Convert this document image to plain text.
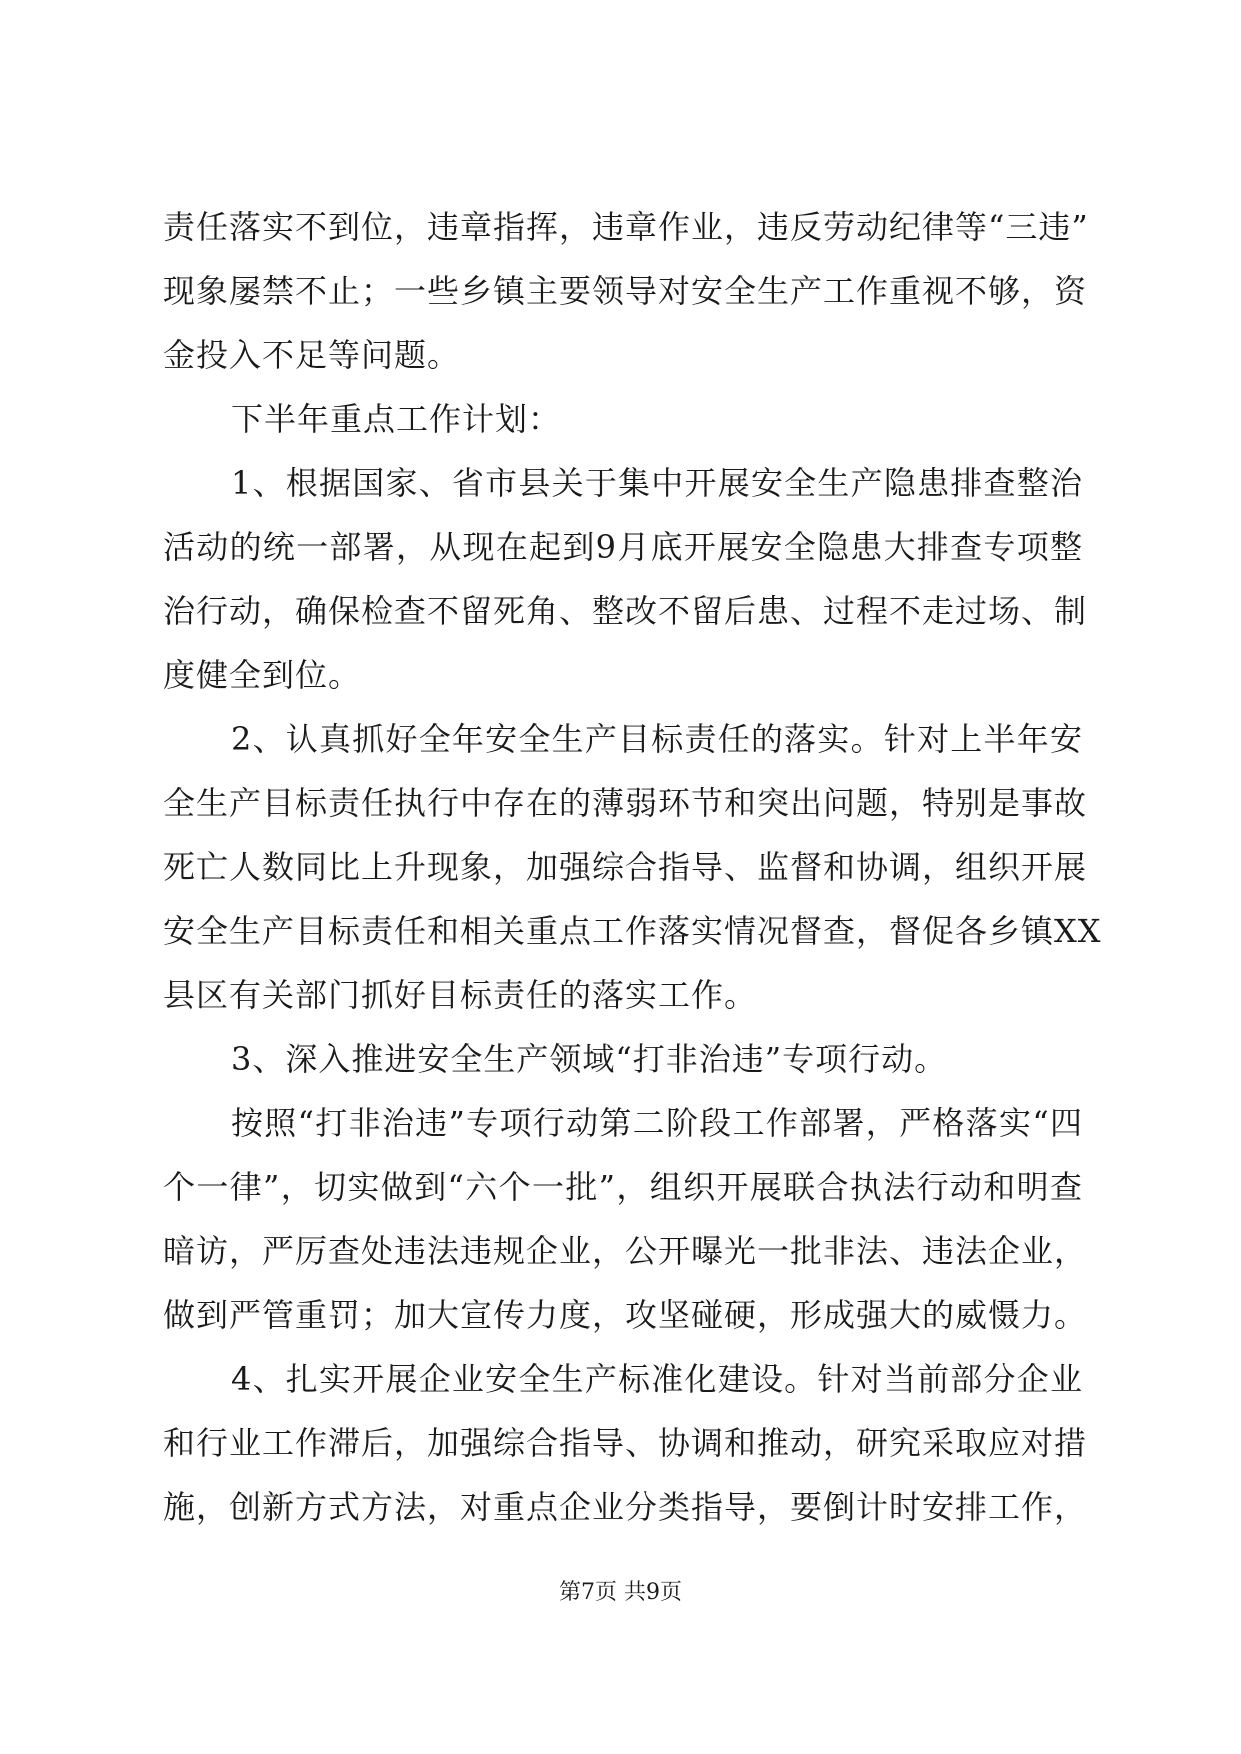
责任落实不到位，违章指挥，违章作业，违反劳动纪律等“三违”
现象屡禁不止；一些乡镇主要领导对安全生产工作重视不够，资
金投入不足等问题。
下半年重点工作计划：
1、根据国家、省市县关于集中开展安全生产隐患排查整治
活动的统一部署，从现在起到9月底开展安全隐患大排查专项整
治行动，确保检查不留死角、整改不留后患、过程不走过场、制
度健全到位。
2、认真抓好全年安全生产目标责任的落实。针对上半年安
全生产目标责任执行中存在的薄弱环节和突出问题，特别是事故
死亡人数同比上升现象，加强综合指导、监督和协调，组织开展
安全生产目标责任和相关重点工作落实情况督查，督促各乡镇XX
县区有关部门抓好目标责任的落实工作。
3、深入推进安全生产领域“打非治违”专项行动。
按照“打非治违”专项行动第二阶段工作部署，严格落实“四
个一律”，切实做到“六个一批”，组织开展联合执法行动和明查
暗访，严厉查处违法违规企业，公开曝光一批非法、违法企业，
做到严管重罚；加大宣传力度，攻坚碰硬，形成强大的威慑力。
4、扎实开展企业安全生产标准化建设。针对当前部分企业
和行业工作滞后，加强综合指导、协调和推动，研究采取应对措
施，创新方式方法，对重点企业分类指导，要倒计时安排工作，
第7页 共9页
